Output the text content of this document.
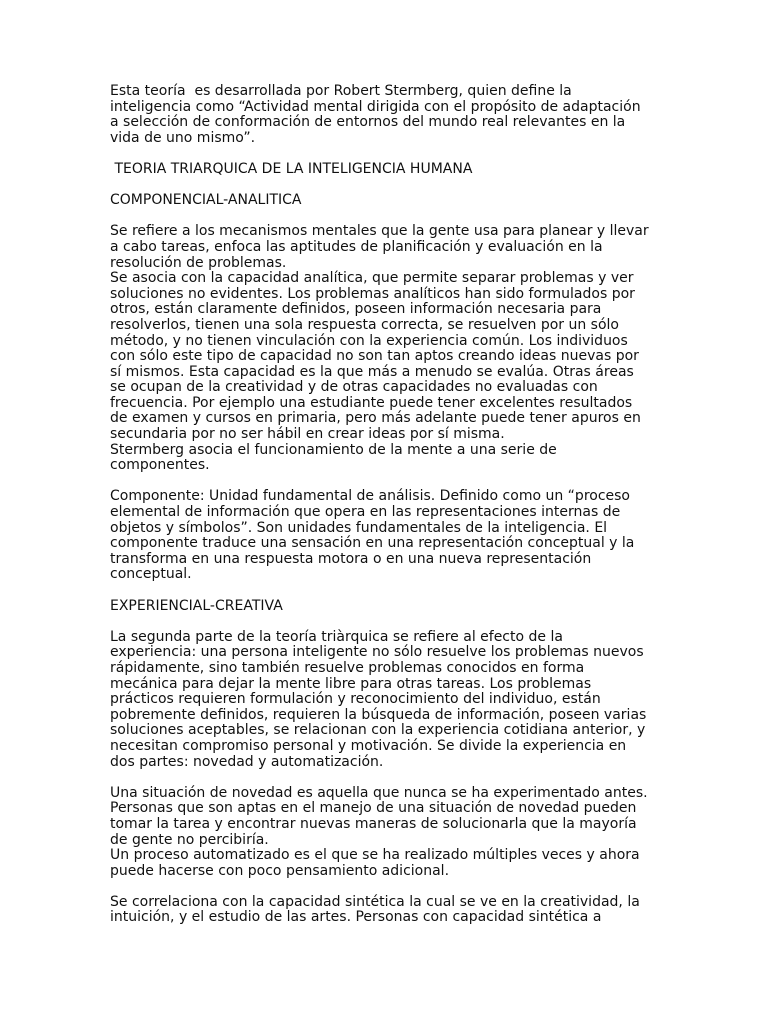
Esta teoría  es desarrollada por Robert Stermberg, quien define la
inteligencia como “Actividad mental dirigida con el propósito de adaptación
a selección de conformación de entornos del mundo real relevantes en la
vida de uno mismo”.

TEORIA TRIARQUICA DE LA INTELIGENCIA HUMANA

COMPONENCIAL-ANALITICA

Se refiere a los mecanismos mentales que la gente usa para planear y llevar
a cabo tareas, enfoca las aptitudes de planificación y evaluación en la
resolución de problemas.
Se asocia con la capacidad analítica, que permite separar problemas y ver
soluciones no evidentes. Los problemas analíticos han sido formulados por
otros, están claramente definidos, poseen información necesaria para
resolverlos, tienen una sola respuesta correcta, se resuelven por un sólo
método, y no tienen vinculación con la experiencia común. Los individuos
con sólo este tipo de capacidad no son tan aptos creando ideas nuevas por
sí mismos. Esta capacidad es la que más a menudo se evalúa. Otras áreas
se ocupan de la creatividad y de otras capacidades no evaluadas con
frecuencia. Por ejemplo una estudiante puede tener excelentes resultados
de examen y cursos en primaria, pero más adelante puede tener apuros en
secundaria por no ser hábil en crear ideas por sí misma.
Stermberg asocia el funcionamiento de la mente a una serie de
componentes.

Componente: Unidad fundamental de análisis. Definido como un “proceso
elemental de información que opera en las representaciones internas de
objetos y símbolos”. Son unidades fundamentales de la inteligencia. El
componente traduce una sensación en una representación conceptual y la
transforma en una respuesta motora o en una nueva representación
conceptual.

EXPERIENCIAL-CREATIVA

La segunda parte de la teoría triàrquica se refiere al efecto de la
experiencia: una persona inteligente no sólo resuelve los problemas nuevos
rápidamente, sino también resuelve problemas conocidos en forma
mecánica para dejar la mente libre para otras tareas. Los problemas
prácticos requieren formulación y reconocimiento del individuo, están
pobremente definidos, requieren la búsqueda de información, poseen varias
soluciones aceptables, se relacionan con la experiencia cotidiana anterior, y
necesitan compromiso personal y motivación. Se divide la experiencia en
dos partes: novedad y automatización.

Una situación de novedad es aquella que nunca se ha experimentado antes.
Personas que son aptas en el manejo de una situación de novedad pueden
tomar la tarea y encontrar nuevas maneras de solucionarla que la mayoría
de gente no percibiría.
Un proceso automatizado es el que se ha realizado múltiples veces y ahora
puede hacerse con poco pensamiento adicional.

Se correlaciona con la capacidad sintética la cual se ve en la creatividad, la
intuición, y el estudio de las artes. Personas con capacidad sintética a
